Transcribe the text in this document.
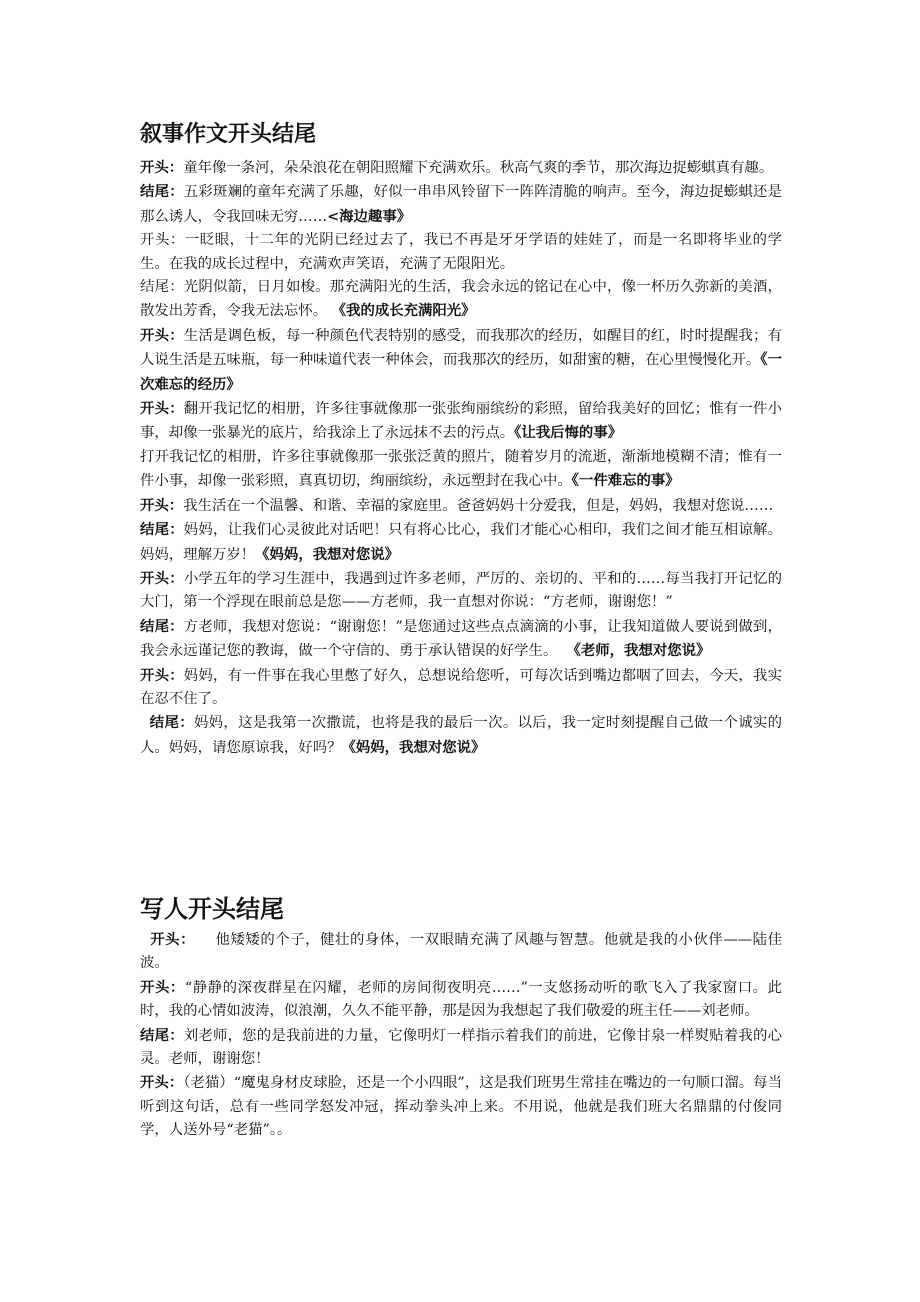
叙事作文开头结尾

开头：童年像一条河，朵朵浪花在朝阳照耀下充满欢乐。秋高气爽的季节，那次海边捉蟛蜞真有趣。

结尾：五彩斑斓的童年充满了乐趣，好似一串串风铃留下一阵阵清脆的响声。至今，海边捉蟛蜞还是那么诱人，令我回味无穷……<海边趣事》

开头：一眨眼，十二年的光阴已经过去了，我已不再是牙牙学语的娃娃了，而是一名即将毕业的学生。在我的成长过程中，充满欢声笑语，充满了无限阳光。

结尾：光阴似箭，日月如梭。那充满阳光的生活，我会永远的铭记在心中，像一杯历久弥新的美酒，散发出芳香，令我无法忘怀。 《我的成长充满阳光》

开头：生活是调色板，每一种颜色代表特别的感受，而我那次的经历，如醒目的红，时时提醒我；有人说生活是五味瓶，每一种味道代表一种体会，而我那次的经历，如甜蜜的糖，在心里慢慢化开。《一次难忘的经历》

开头：翻开我记忆的相册，许多往事就像那一张张绚丽缤纷的彩照，留给我美好的回忆；惟有一件小事，却像一张暴光的底片，给我涂上了永远抹不去的污点。《让我后悔的事》

打开我记忆的相册，许多往事就像那一张张泛黄的照片，随着岁月的流逝，渐渐地模糊不清；惟有一件小事，却像一张彩照，真真切切，绚丽缤纷，永远塑封在我心中。《一件难忘的事》

开头：我生活在一个温馨、和谐、幸福的家庭里。爸爸妈妈十分爱我，但是，妈妈，我想对您说……

结尾：妈妈，让我们心灵彼此对话吧！只有将心比心，我们才能心心相印，我们之间才能互相谅解。妈妈，理解万岁！《妈妈，我想对您说》

开头：小学五年的学习生涯中，我遇到过许多老师，严厉的、亲切的、平和的……每当我打开记忆的大门，第一个浮现在眼前总是您——方老师，我一直想对你说：“方老师，谢谢您！”

结尾：方老师，我想对您说：“谢谢您！”是您通过这些点点滴滴的小事，让我知道做人要说到做到，我会永远谨记您的教诲，做一个守信的、勇于承认错误的好学生。  《老师，我想对您说》

开头：妈妈，有一件事在我心里憋了好久，总想说给您听，可每次话到嘴边都咽了回去，今天，我实在忍不住了。

结尾：妈妈，这是我第一次撒谎，也将是我的最后一次。以后，我一定时刻提醒自己做一个诚实的人。妈妈，请您原谅我，好吗？《妈妈，我想对您说》

写人开头结尾

开头：    他矮矮的个子，健壮的身体，一双眼睛充满了风趣与智慧。他就是我的小伙伴——陆佳波。

开头：“静静的深夜群星在闪耀，老师的房间彻夜明亮……”一支悠扬动听的歌飞入了我家窗口。此时，我的心情如波涛，似浪潮，久久不能平静，那是因为我想起了我们敬爱的班主任——刘老师。

结尾：刘老师，您的是我前进的力量，它像明灯一样指示着我们的前进，它像甘泉一样熨贴着我的心灵。老师，谢谢您！

开头：（老猫）“魔鬼身材皮球脸，还是一个小四眼”，这是我们班男生常挂在嘴边的一句顺口溜。每当听到这句话，总有一些同学怒发冲冠，挥动拳头冲上来。不用说，他就是我们班大名鼎鼎的付俊同学，人送外号“老猫”。。
